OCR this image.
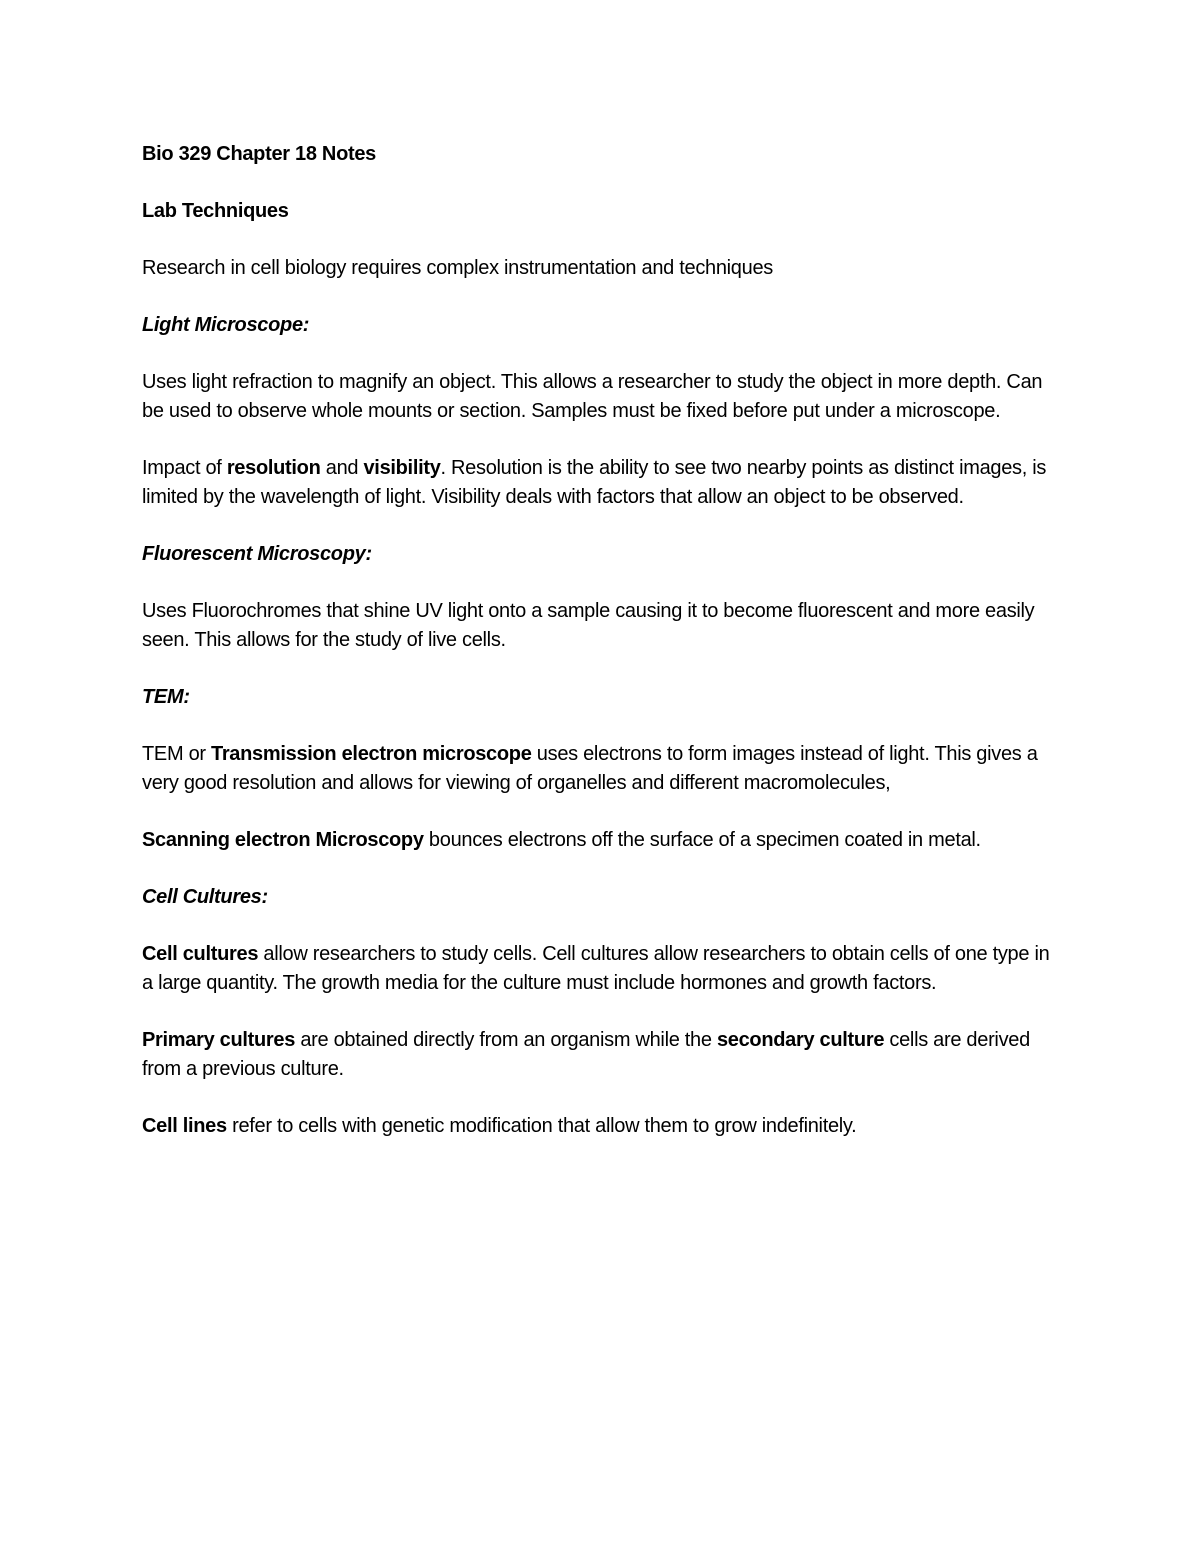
Bio 329 Chapter 18 Notes

Lab Techniques

Research in cell biology requires complex instrumentation and techniques

Light Microscope:

Uses light refraction to magnify an object. This allows a researcher to study the object in more depth. Can be used to observe whole mounts or section. Samples must be fixed before put under a microscope.

Impact of resolution and visibility. Resolution is the ability to see two nearby points as distinct images, is limited by the wavelength of light. Visibility deals with factors that allow an object to be observed.

Fluorescent Microscopy:

Uses Fluorochromes that shine UV light onto a sample causing it to become fluorescent and more easily seen. This allows for the study of live cells.

TEM:

TEM or Transmission electron microscope uses electrons to form images instead of light. This gives a very good resolution and allows for viewing of organelles and different macromolecules,

Scanning electron Microscopy bounces electrons off the surface of a specimen coated in metal.

Cell Cultures:

Cell cultures allow researchers to study cells. Cell cultures allow researchers to obtain cells of one type in a large quantity. The growth media for the culture must include hormones and growth factors.

Primary cultures are obtained directly from an organism while the secondary culture cells are derived from a previous culture.

Cell lines refer to cells with genetic modification that allow them to grow indefinitely.
